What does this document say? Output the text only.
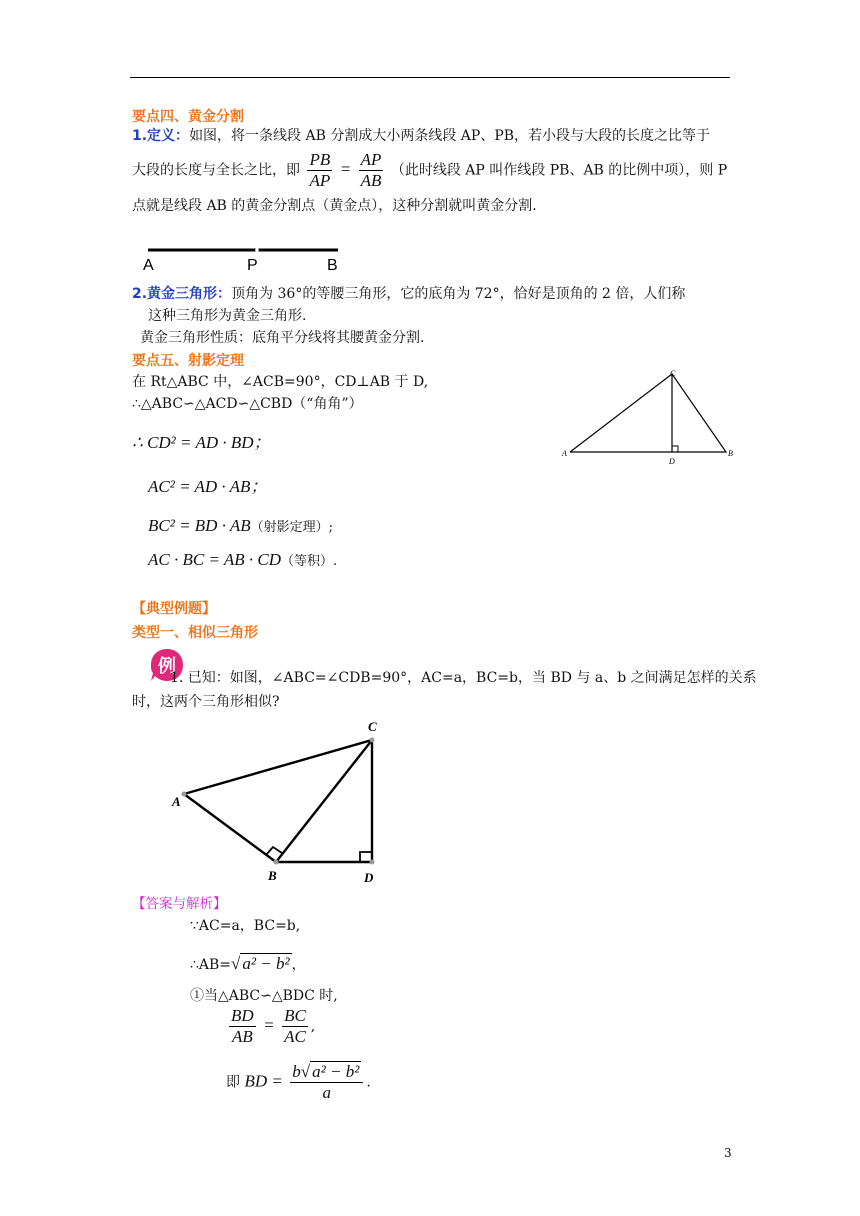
要点四、黄金分割
1.定义：如图，将一条线段 AB 分割成大小两条线段 AP、PB，若小段与大段的长度之比等于
大段的长度与全长之比，即 $\frac{PB}{AP} = \frac{AP}{AB}$ （此时线段 AP 叫作线段 PB、AB 的比例中项），则 P
点就是线段 AB 的黄金分割点（黄金点），这种分割就叫黄金分割.
A	P	B
2.黄金三角形：顶角为 36°的等腰三角形，它的底角为 72°，恰好是顶角的 2 倍，人们称
这种三角形为黄金三角形.
黄金三角形性质：底角平分线将其腰黄金分割.
要点五、射影定理
在 Rt△ABC 中，∠ACB=90°，CD⊥AB 于 D,
∴△ABC∽△ACD∽△CBD（“角角”）
∴ CD² = AD · BD；
AC² = AD · AB；
BC² = BD · AB（射影定理）;
AC · BC = AB · CD（等积）.
C
A
D
B
【典型例题】
类型一、相似三角形
例
1. 已知：如图，∠ABC=∠CDB=90°，AC=a，BC=b，当 BD 与 a、b 之间满足怎样的关系
时，这两个三角形相似?
C
A
B	D
【答案与解析】
∵AC=a，BC=b,
∴AB=√ a² − b² ，
①当△ABC∽△BDC 时,
$\frac{BD}{AB} = \frac{BC}{AC}$ ,
即 BD = $\frac{\text{b√ a² − b²}}{a}$ .
3
